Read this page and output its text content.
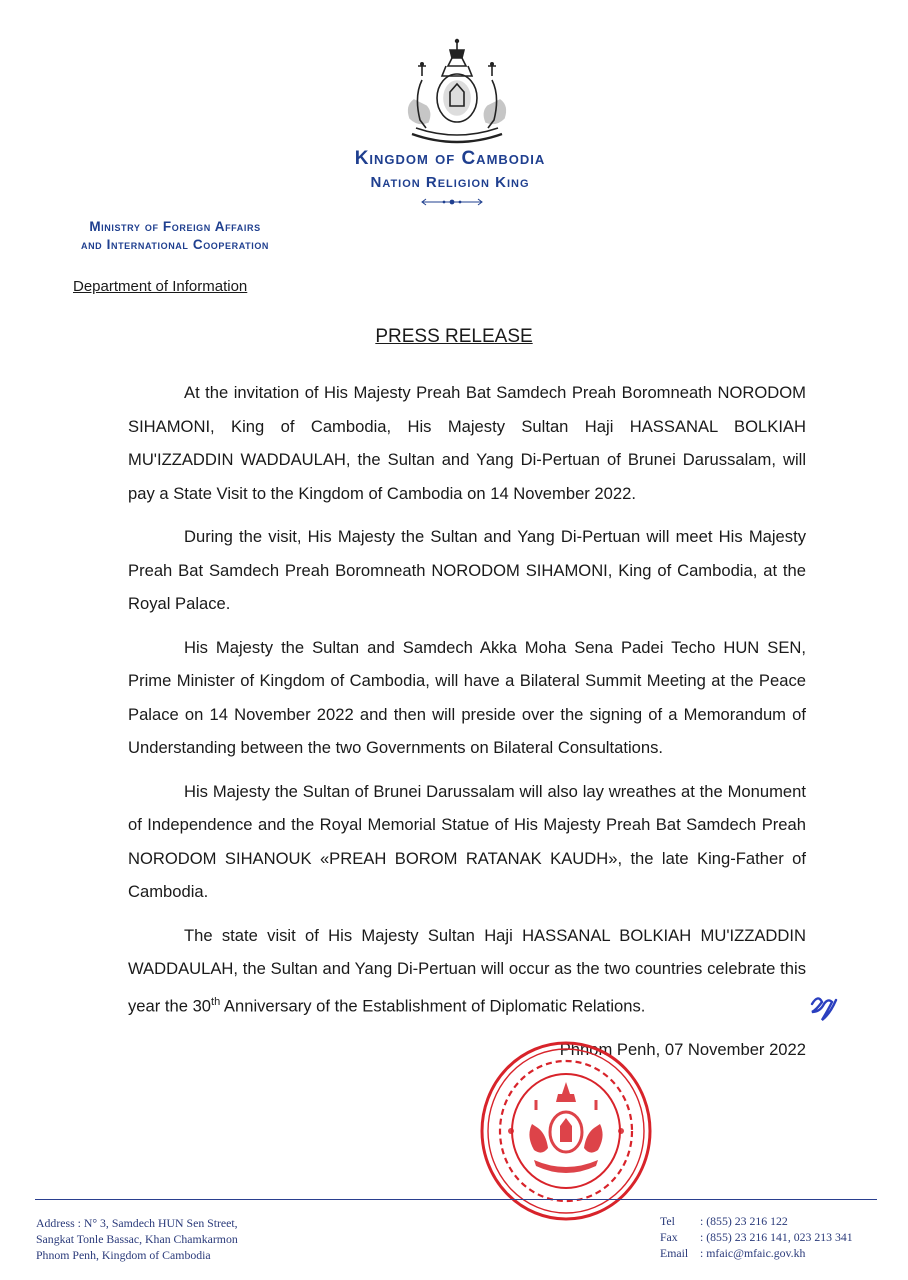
Kingdom of Cambodia
Nation Religion King
Ministry of Foreign Affairs
and International Cooperation
Department of Information
PRESS RELEASE

At the invitation of His Majesty Preah Bat Samdech Preah Boromneath NORODOM SIHAMONI, King of Cambodia, His Majesty Sultan Haji HASSANAL BOLKIAH MU'IZZADDIN WADDAULAH, the Sultan and Yang Di-Pertuan of Brunei Darussalam, will pay a State Visit to the Kingdom of Cambodia on 14 November 2022.

During the visit, His Majesty the Sultan and Yang Di-Pertuan will meet His Majesty Preah Bat Samdech Preah Boromneath NORODOM SIHAMONI, King of Cambodia, at the Royal Palace.

His Majesty the Sultan and Samdech Akka Moha Sena Padei Techo HUN SEN, Prime Minister of Kingdom of Cambodia, will have a Bilateral Summit Meeting at the Peace Palace on 14 November 2022 and then will preside over the signing of a Memorandum of Understanding between the two Governments on Bilateral Consultations.

His Majesty the Sultan of Brunei Darussalam will also lay wreathes at the Monument of Independence and the Royal Memorial Statue of His Majesty Preah Bat Samdech Preah NORODOM SIHANOUK «PREAH BOROM RATANAK KAUDH», the late King-Father of Cambodia.

The state visit of His Majesty Sultan Haji HASSANAL BOLKIAH MU'IZZADDIN WADDAULAH, the Sultan and Yang Di-Pertuan will occur as the two countries celebrate this year the 30th Anniversary of the Establishment of Diplomatic Relations.

Phnom Penh, 07 November 2022
Address : N° 3, Samdech HUN Sen Street,
Sangkat Tonle Bassac, Khan Chamkarmon
Phnom Penh, Kingdom of Cambodia
Tel : (855) 23 216 122
Fax : (855) 23 216 141, 023 213 341
Email : mfaic@mfaic.gov.kh
